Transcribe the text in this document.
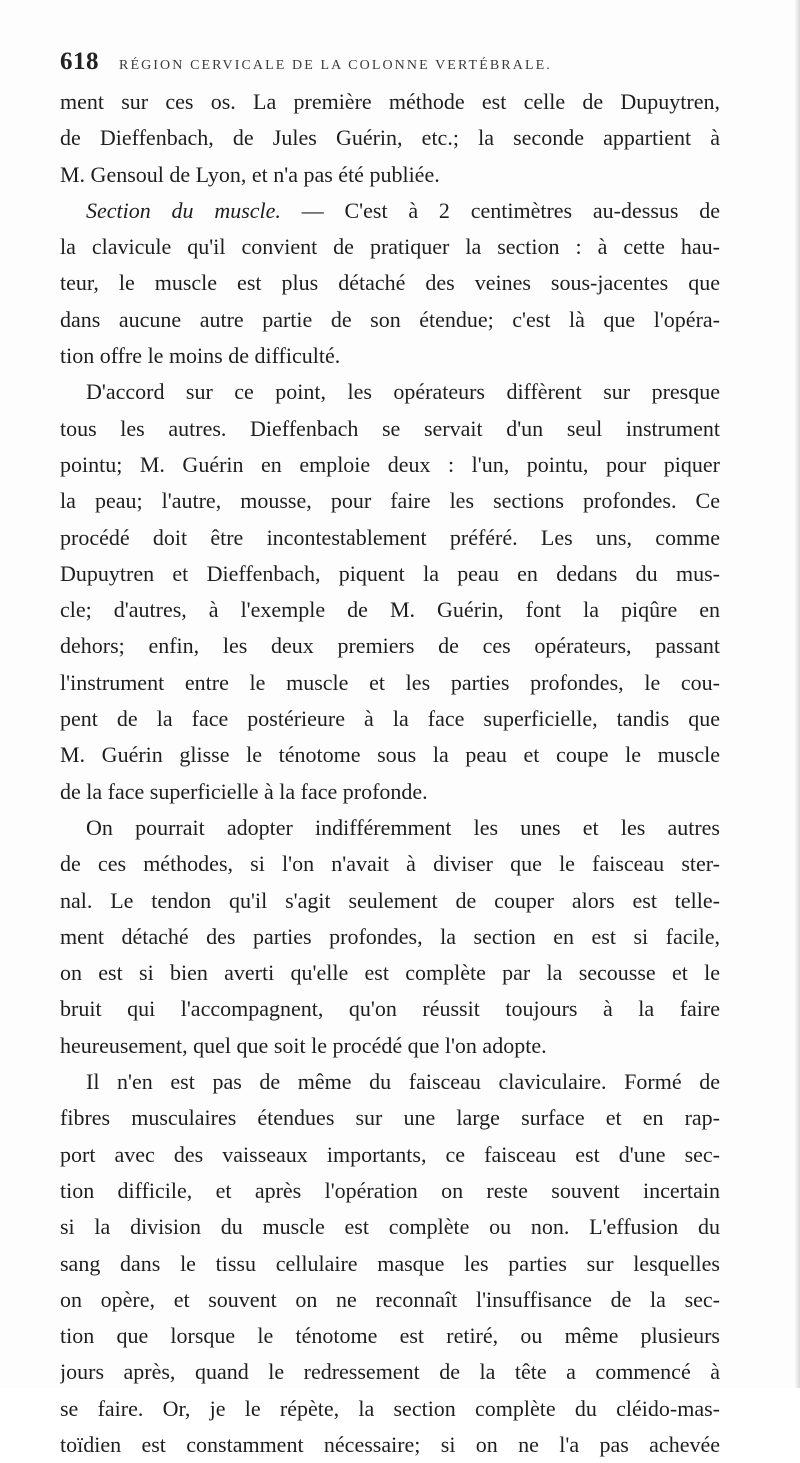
618 RÉGION CERVICALE DE LA COLONNE VERTÉBRALE.
ment sur ces os. La première méthode est celle de Dupuytren,
de Dieffenbach, de Jules Guérin, etc.; la seconde appartient à
M. Gensoul de Lyon, et n'a pas été publiée.
Section du muscle. — C'est à 2 centimètres au-dessus de
la clavicule qu'il convient de pratiquer la section : à cette hau-
teur, le muscle est plus détaché des veines sous-jacentes que
dans aucune autre partie de son étendue; c'est là que l'opéra-
tion offre le moins de difficulté.
D'accord sur ce point, les opérateurs diffèrent sur presque
tous les autres. Dieffenbach se servait d'un seul instrument
pointu; M. Guérin en emploie deux : l'un, pointu, pour piquer
la peau; l'autre, mousse, pour faire les sections profondes. Ce
procédé doit être incontestablement préféré. Les uns, comme
Dupuytren et Dieffenbach, piquent la peau en dedans du mus-
cle; d'autres, à l'exemple de M. Guérin, font la piqûre en
dehors; enfin, les deux premiers de ces opérateurs, passant
l'instrument entre le muscle et les parties profondes, le cou-
pent de la face postérieure à la face superficielle, tandis que
M. Guérin glisse le ténotome sous la peau et coupe le muscle
de la face superficielle à la face profonde.
On pourrait adopter indifféremment les unes et les autres
de ces méthodes, si l'on n'avait à diviser que le faisceau ster-
nal. Le tendon qu'il s'agit seulement de couper alors est telle-
ment détaché des parties profondes, la section en est si facile,
on est si bien averti qu'elle est complète par la secousse et le
bruit qui l'accompagnent, qu'on réussit toujours à la faire
heureusement, quel que soit le procédé que l'on adopte.
Il n'en est pas de même du faisceau claviculaire. Formé de
fibres musculaires étendues sur une large surface et en rap-
port avec des vaisseaux importants, ce faisceau est d'une sec-
tion difficile, et après l'opération on reste souvent incertain
si la division du muscle est complète ou non. L'effusion du
sang dans le tissu cellulaire masque les parties sur lesquelles
on opère, et souvent on ne reconnaît l'insuffisance de la sec-
tion que lorsque le ténotome est retiré, ou même plusieurs
jours après, quand le redressement de la tête a commencé à
se faire. Or, je le répète, la section complète du cléido-mas-
toïdien est constamment nécessaire; si on ne l'a pas achevée
